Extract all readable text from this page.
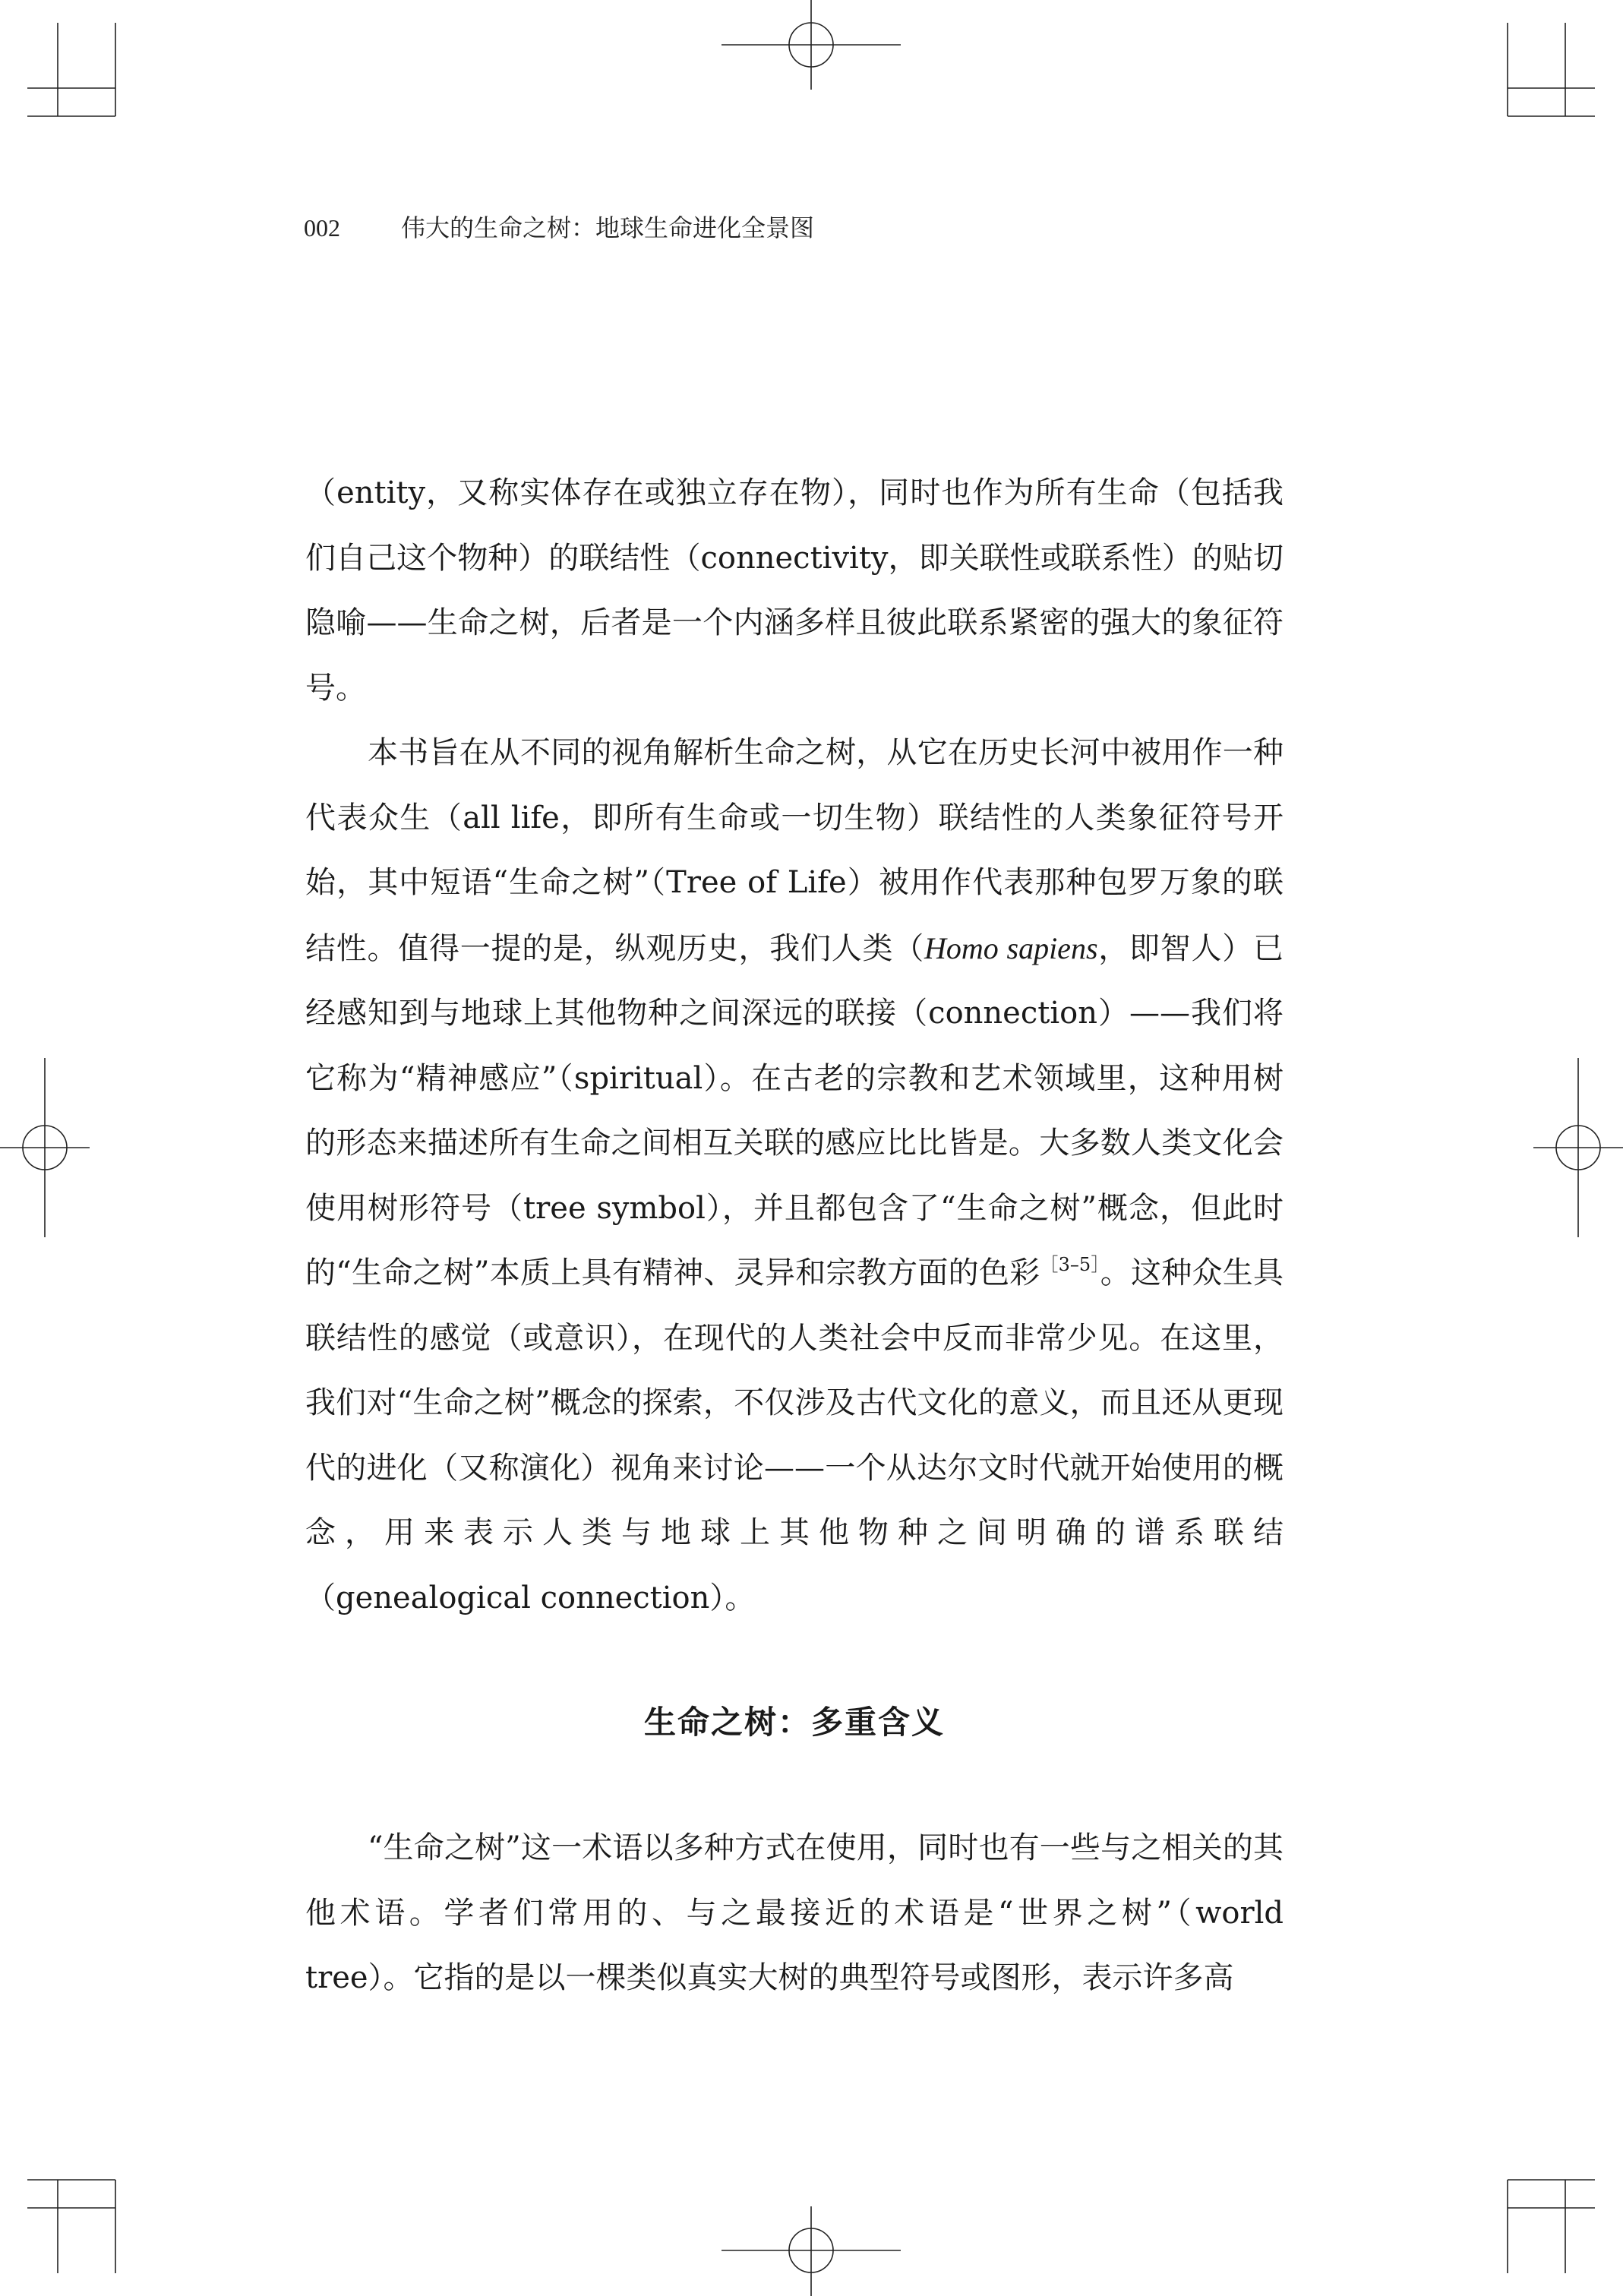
002	伟大的生命之树：地球生命进化全景图

（entity，又称实体存在或独立存在物），同时也作为所有生命（包括我们自己这个物种）的联结性（connectivity，即关联性或联系性）的贴切隐喻——生命之树，后者是一个内涵多样且彼此联系紧密的强大的象征符号。

本书旨在从不同的视角解析生命之树，从它在历史长河中被用作一种代表众生（all life，即所有生命或一切生物）联结性的人类象征符号开始，其中短语“生命之树”（Tree of Life）被用作代表那种包罗万象的联结性。值得一提的是，纵观历史，我们人类（Homo sapiens，即智人）已经感知到与地球上其他物种之间深远的联接（connection）——我们将它称为“精神感应”（spiritual）。在古老的宗教和艺术领域里，这种用树的形态来描述所有生命之间相互关联的感应比比皆是。大多数人类文化会使用树形符号（tree symbol），并且都包含了“生命之树”概念，但此时的“生命之树”本质上具有精神、灵异和宗教方面的色彩$^{[3-5]}$。这种众生具联结性的感觉（或意识），在现代的人类社会中反而非常少见。在这里，我们对“生命之树”概念的探索，不仅涉及古代文化的意义，而且还从更现代的进化（又称演化）视角来讨论——一个从达尔文时代就开始使用的概念，用来表示人类与地球上其他物种之间明确的谱系联结（genealogical connection）。

生命之树：多重含义

“生命之树”这一术语以多种方式在使用，同时也有一些与之相关的其他术语。学者们常用的、与之最接近的术语是“世界之树”（world tree）。它指的是以一棵类似真实大树的典型符号或图形，表示许多高
